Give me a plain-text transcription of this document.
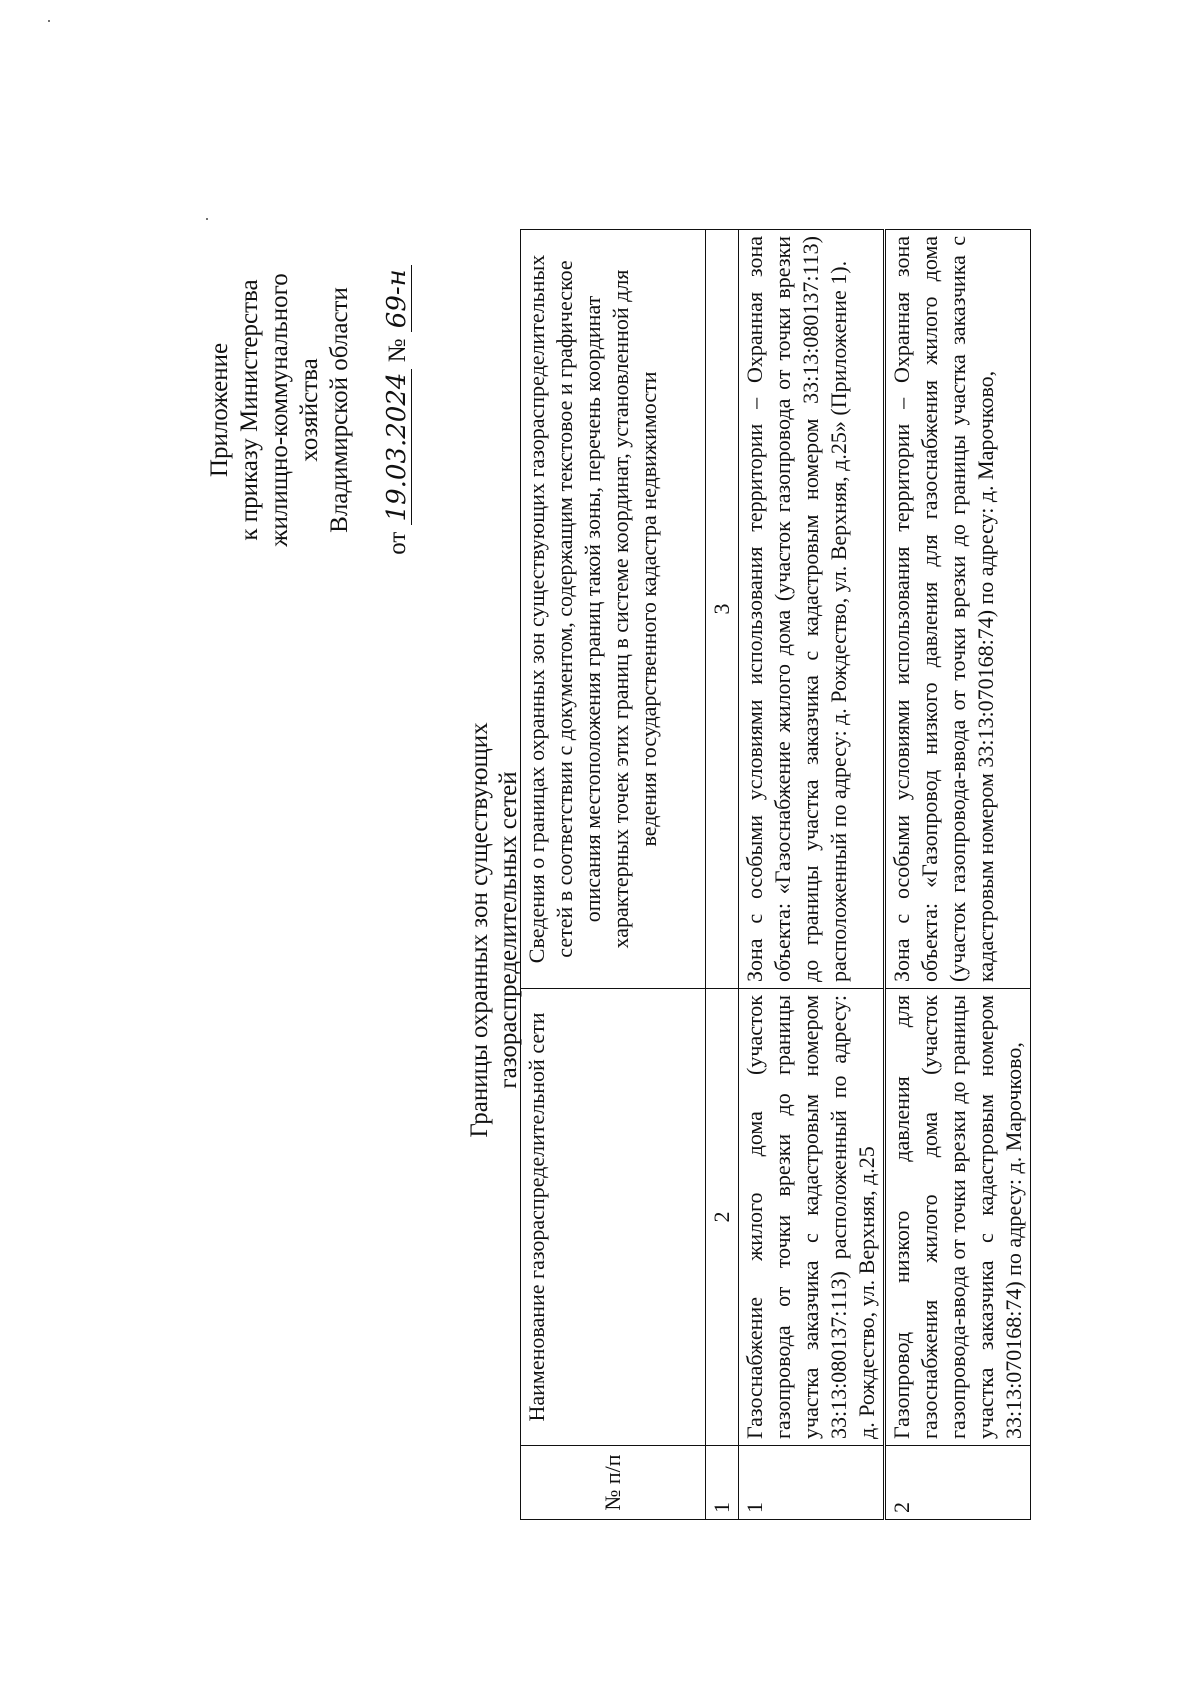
Приложение к приказу Министерства жилищно-коммунального хозяйства Владимирской области
от 19.03.2024 № 69-н
Границы охранных зон существующих газораспределительных сетей
№ п/п	Наименование газораспределительной сети	Сведения о границах охранных зон существующих газораспределительных сетей в соответствии с документом, содержащим текстовое и графическое описания местоположения границ такой зоны, перечень координат характерных точек этих границ в системе координат, установленной для ведения государственного кадастра недвижимости
1	2	3
1	Газоснабжение жилого дома (участок газопровода от точки врезки до границы участка заказчика с кадастровым номером 33:13:080137:113) расположенный по адресу: д. Рождество, ул. Верхняя, д.25	Зона с особыми условиями использования территории – Охранная зона объекта: «Газоснабжение жилого дома (участок газопровода от точки врезки до границы участка заказчика с кадастровым номером 33:13:080137:113) расположенный по адресу: д. Рождество, ул. Верхняя, д.25» (Приложение 1).
2	Газопровод низкого давления для газоснабжения жилого дома (участок газопровода-ввода от точки врезки до границы участка заказчика с кадастровым номером 33:13:070168:74) по адресу: д. Марочково,	Зона с особыми условиями использования территории – Охранная зона объекта: «Газопровод низкого давления для газоснабжения жилого дома (участок газопровода-ввода от точки врезки до границы участка заказчика с кадастровым номером 33:13:070168:74) по адресу: д. Марочково,
